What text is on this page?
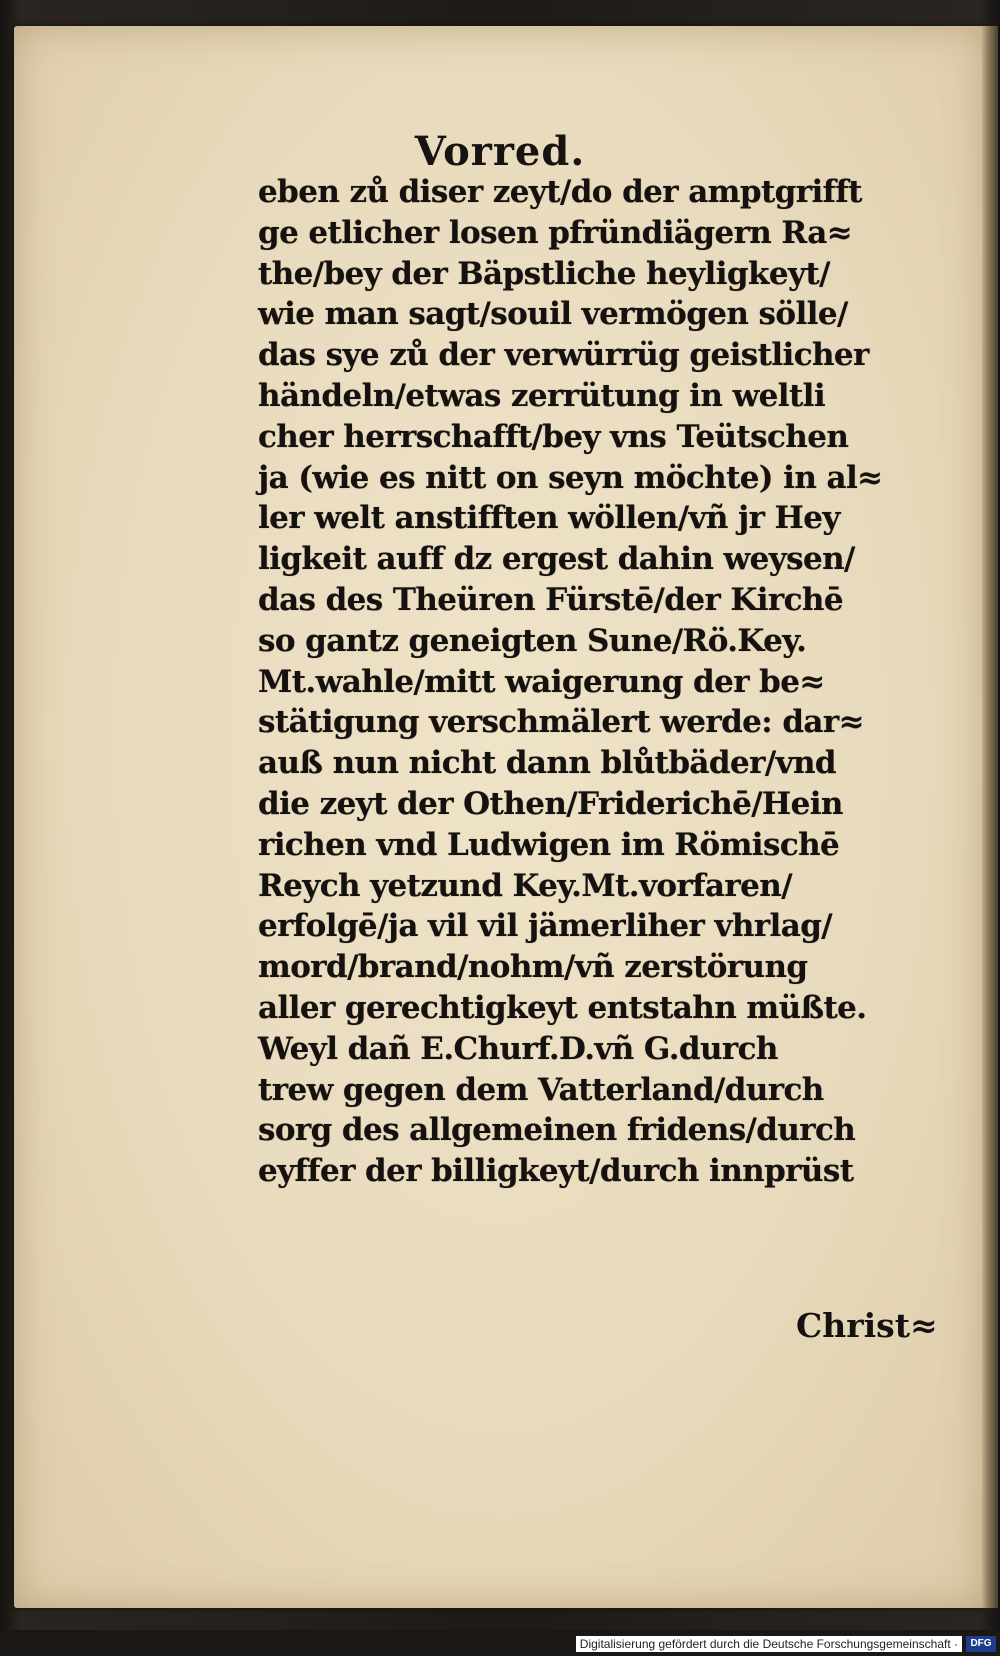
Vorred.
eben zů diser zeyt/do der amptgrifft
ge etlicher losen pfründiägern Ra≈
the/bey der Bäpstliche heyligkeyt/
wie man sagt/souil vermögen sölle/
das sye zů der verwürrüg geistlicher
händeln/etwas zerrütung in weltli
cher herrschafft/bey vns Teütschen
ja (wie es nitt on seyn möchte) in al≈
ler welt anstifften wöllen/vñ jr Hey
ligkeit auff dz ergest dahin weysen/
das des Theüren Fürstē/der Kirchē
so gantz geneigten Sune/Rö.Key.
Mt.wahle/mitt waigerung der be≈
stätigung verschmälert werde: dar≈
auß nun nicht dann blůtbäder/vnd
die zeyt der Othen/Friderichē/Hein
richen vnd Ludwigen im Römischē
Reych yetzund Key.Mt.vorfaren/
erfolgē/ja vil vil jämerliher vhrlag/
mord/brand/nohm/vñ zerstörung
aller gerechtigkeyt entstahn müßte.
Weyl dañ E.Churf.D.vñ G.durch
trew gegen dem Vatterland/durch
sorg des allgemeinen fridens/durch
eyffer der billigkeyt/durch innprüst
Christ≈
Digitalisierung gefördert durch die Deutsche Forschungsgemeinschaft ·	DFG
